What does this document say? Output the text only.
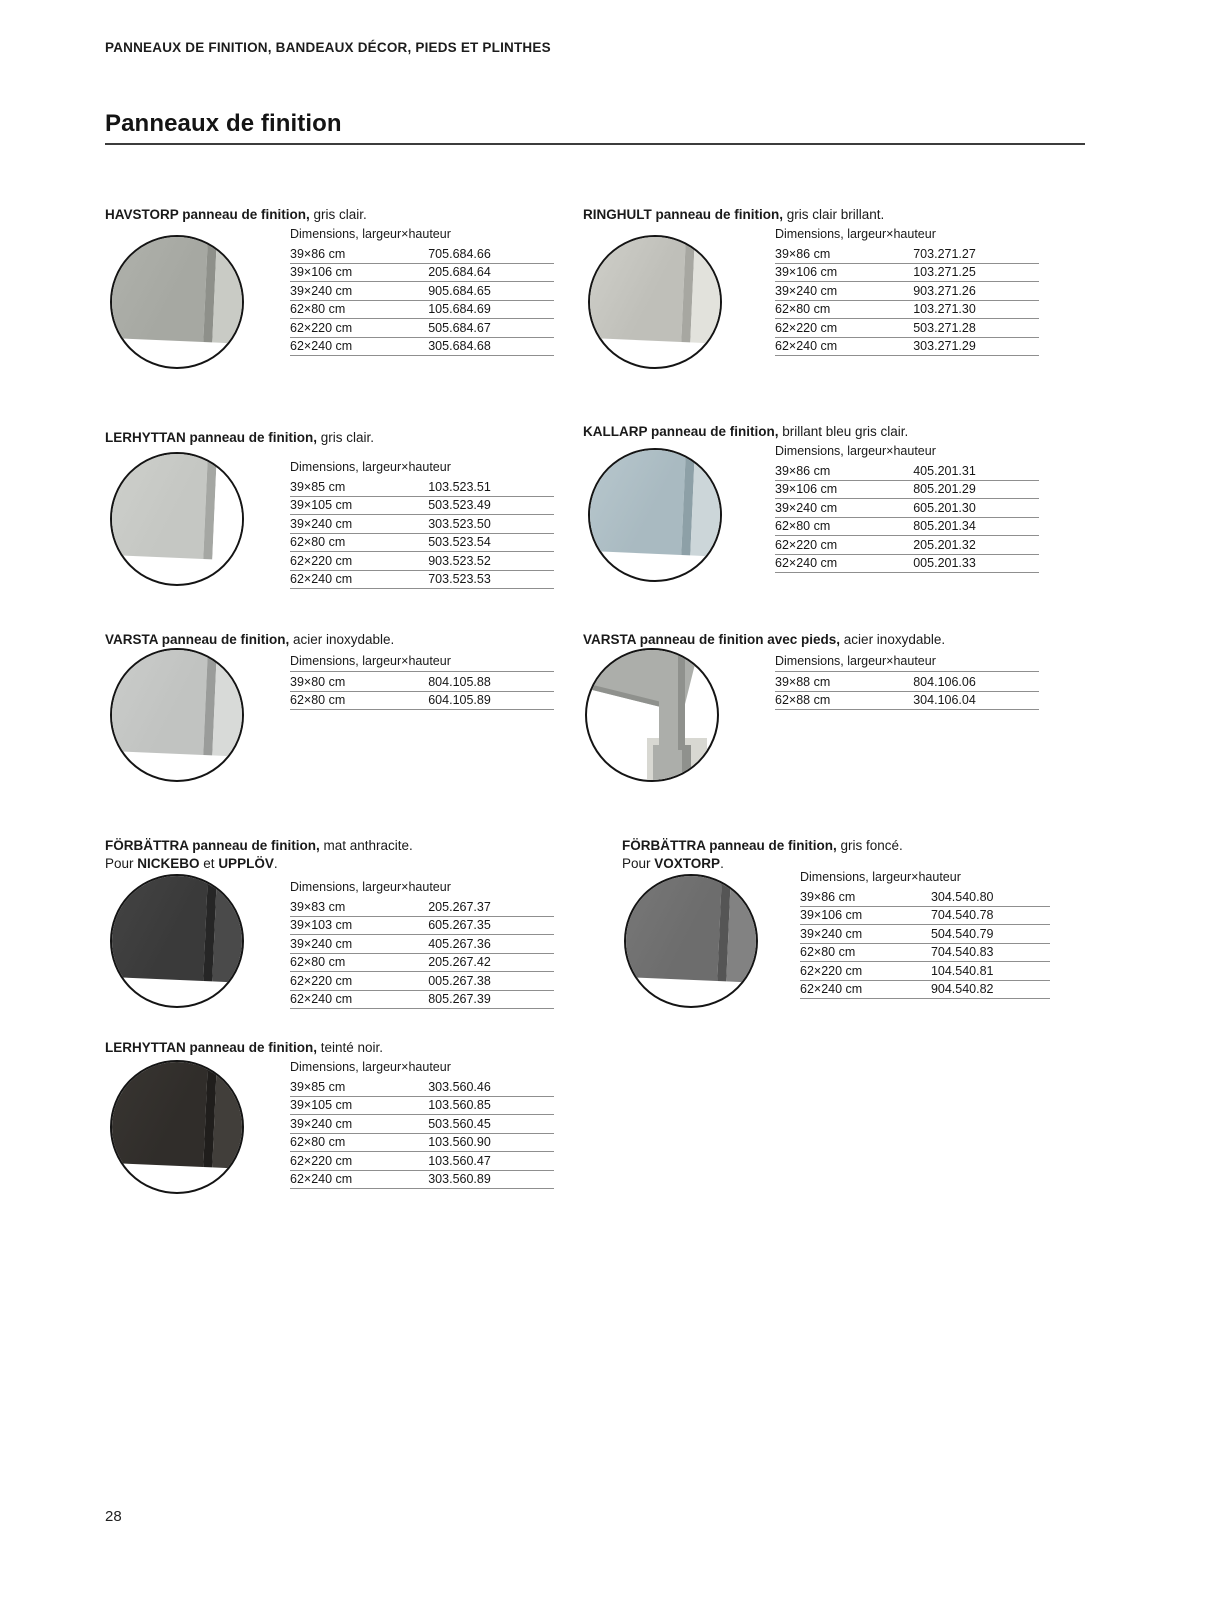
PANNEAUX DE FINITION, BANDEAUX DÉCOR, PIEDS ET PLINTHES
Panneaux de finition
HAVSTORP panneau de finition, gris clair.
Dimensions, largeur×hauteur
39×86 cm	705.684.66
39×106 cm	205.684.64
39×240 cm	905.684.65
62×80 cm	105.684.69
62×220 cm	505.684.67
62×240 cm	305.684.68
RINGHULT panneau de finition, gris clair brillant.
Dimensions, largeur×hauteur
39×86 cm	703.271.27
39×106 cm	103.271.25
39×240 cm	903.271.26
62×80 cm	103.271.30
62×220 cm	503.271.28
62×240 cm	303.271.29
LERHYTTAN panneau de finition, gris clair.
Dimensions, largeur×hauteur
39×85 cm	103.523.51
39×105 cm	503.523.49
39×240 cm	303.523.50
62×80 cm	503.523.54
62×220 cm	903.523.52
62×240 cm	703.523.53
KALLARP panneau de finition, brillant bleu gris clair.
Dimensions, largeur×hauteur
39×86 cm	405.201.31
39×106 cm	805.201.29
39×240 cm	605.201.30
62×80 cm	805.201.34
62×220 cm	205.201.32
62×240 cm	005.201.33
VARSTA panneau de finition, acier inoxydable.
Dimensions, largeur×hauteur
39×80 cm	804.105.88
62×80 cm	604.105.89
VARSTA panneau de finition avec pieds, acier inoxydable.
Dimensions, largeur×hauteur
39×88 cm	804.106.06
62×88 cm	304.106.04
FÖRBÄTTRA panneau de finition, mat anthracite.
Pour NICKEBO et UPPLÖV.
Dimensions, largeur×hauteur
39×83 cm	205.267.37
39×103 cm	605.267.35
39×240 cm	405.267.36
62×80 cm	205.267.42
62×220 cm	005.267.38
62×240 cm	805.267.39
FÖRBÄTTRA panneau de finition, gris foncé.
Pour VOXTORP.
Dimensions, largeur×hauteur
39×86 cm	304.540.80
39×106 cm	704.540.78
39×240 cm	504.540.79
62×80 cm	704.540.83
62×220 cm	104.540.81
62×240 cm	904.540.82
LERHYTTAN panneau de finition, teinté noir.
Dimensions, largeur×hauteur
39×85 cm	303.560.46
39×105 cm	103.560.85
39×240 cm	503.560.45
62×80 cm	103.560.90
62×220 cm	103.560.47
62×240 cm	303.560.89
28
